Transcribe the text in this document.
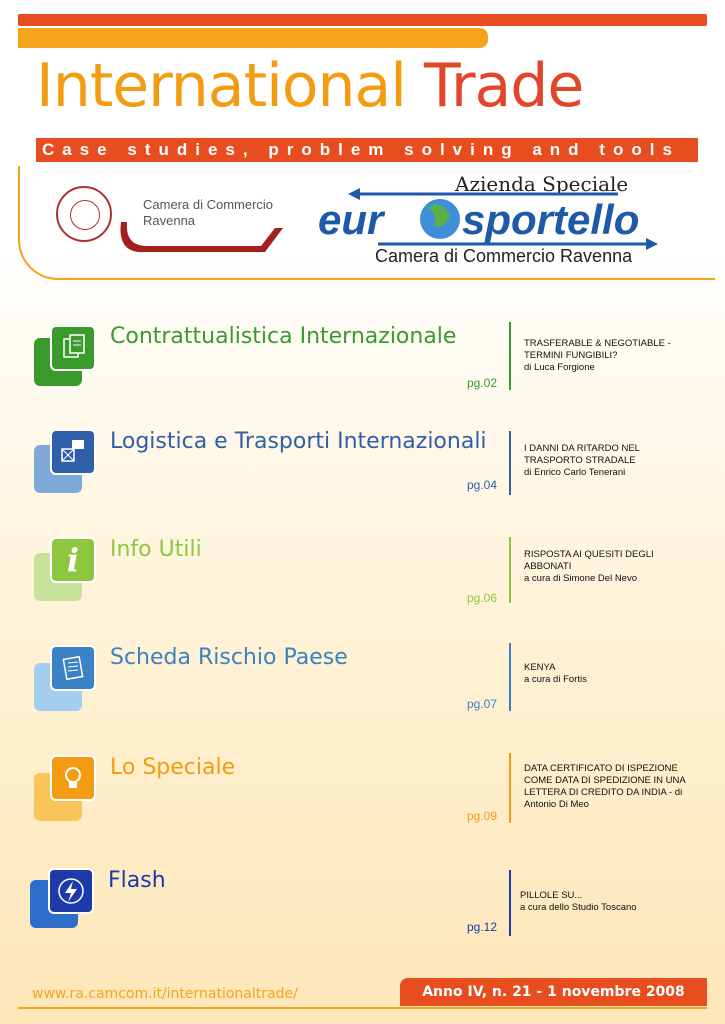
International Trade
Case studies, problem solving and tools
Camera di Commercio
Ravenna
Azienda Speciale
eur sportello
Camera di Commercio Ravenna
Contrattualistica Internazionale
pg.02
TRASFERABLE & NEGOTIABLE - TERMINI FUNGIBILI?
di Luca Forgione
Logistica e Trasporti Internazionali
pg.04
I DANNI DA RITARDO NEL TRASPORTO STRADALE
di Enrico Carlo Tenerani
i Info Utili
pg.06
RISPOSTA AI QUESITI DEGLI ABBONATI
a cura di Simone Del Nevo
Scheda Rischio Paese
pg.07
KENYA
a cura di Fortis
Lo Speciale
pg.09
DATA CERTIFICATO DI ISPEZIONE COME DATA DI SPEDIZIONE IN UNA LETTERA DI CREDITO DA INDIA - di Antonio Di Meo
Flash
pg.12
PILLOLE SU...
a cura dello Studio Toscano
www.ra.camcom.it/internationaltrade/	Anno IV, n. 21 - 1 novembre 2008
